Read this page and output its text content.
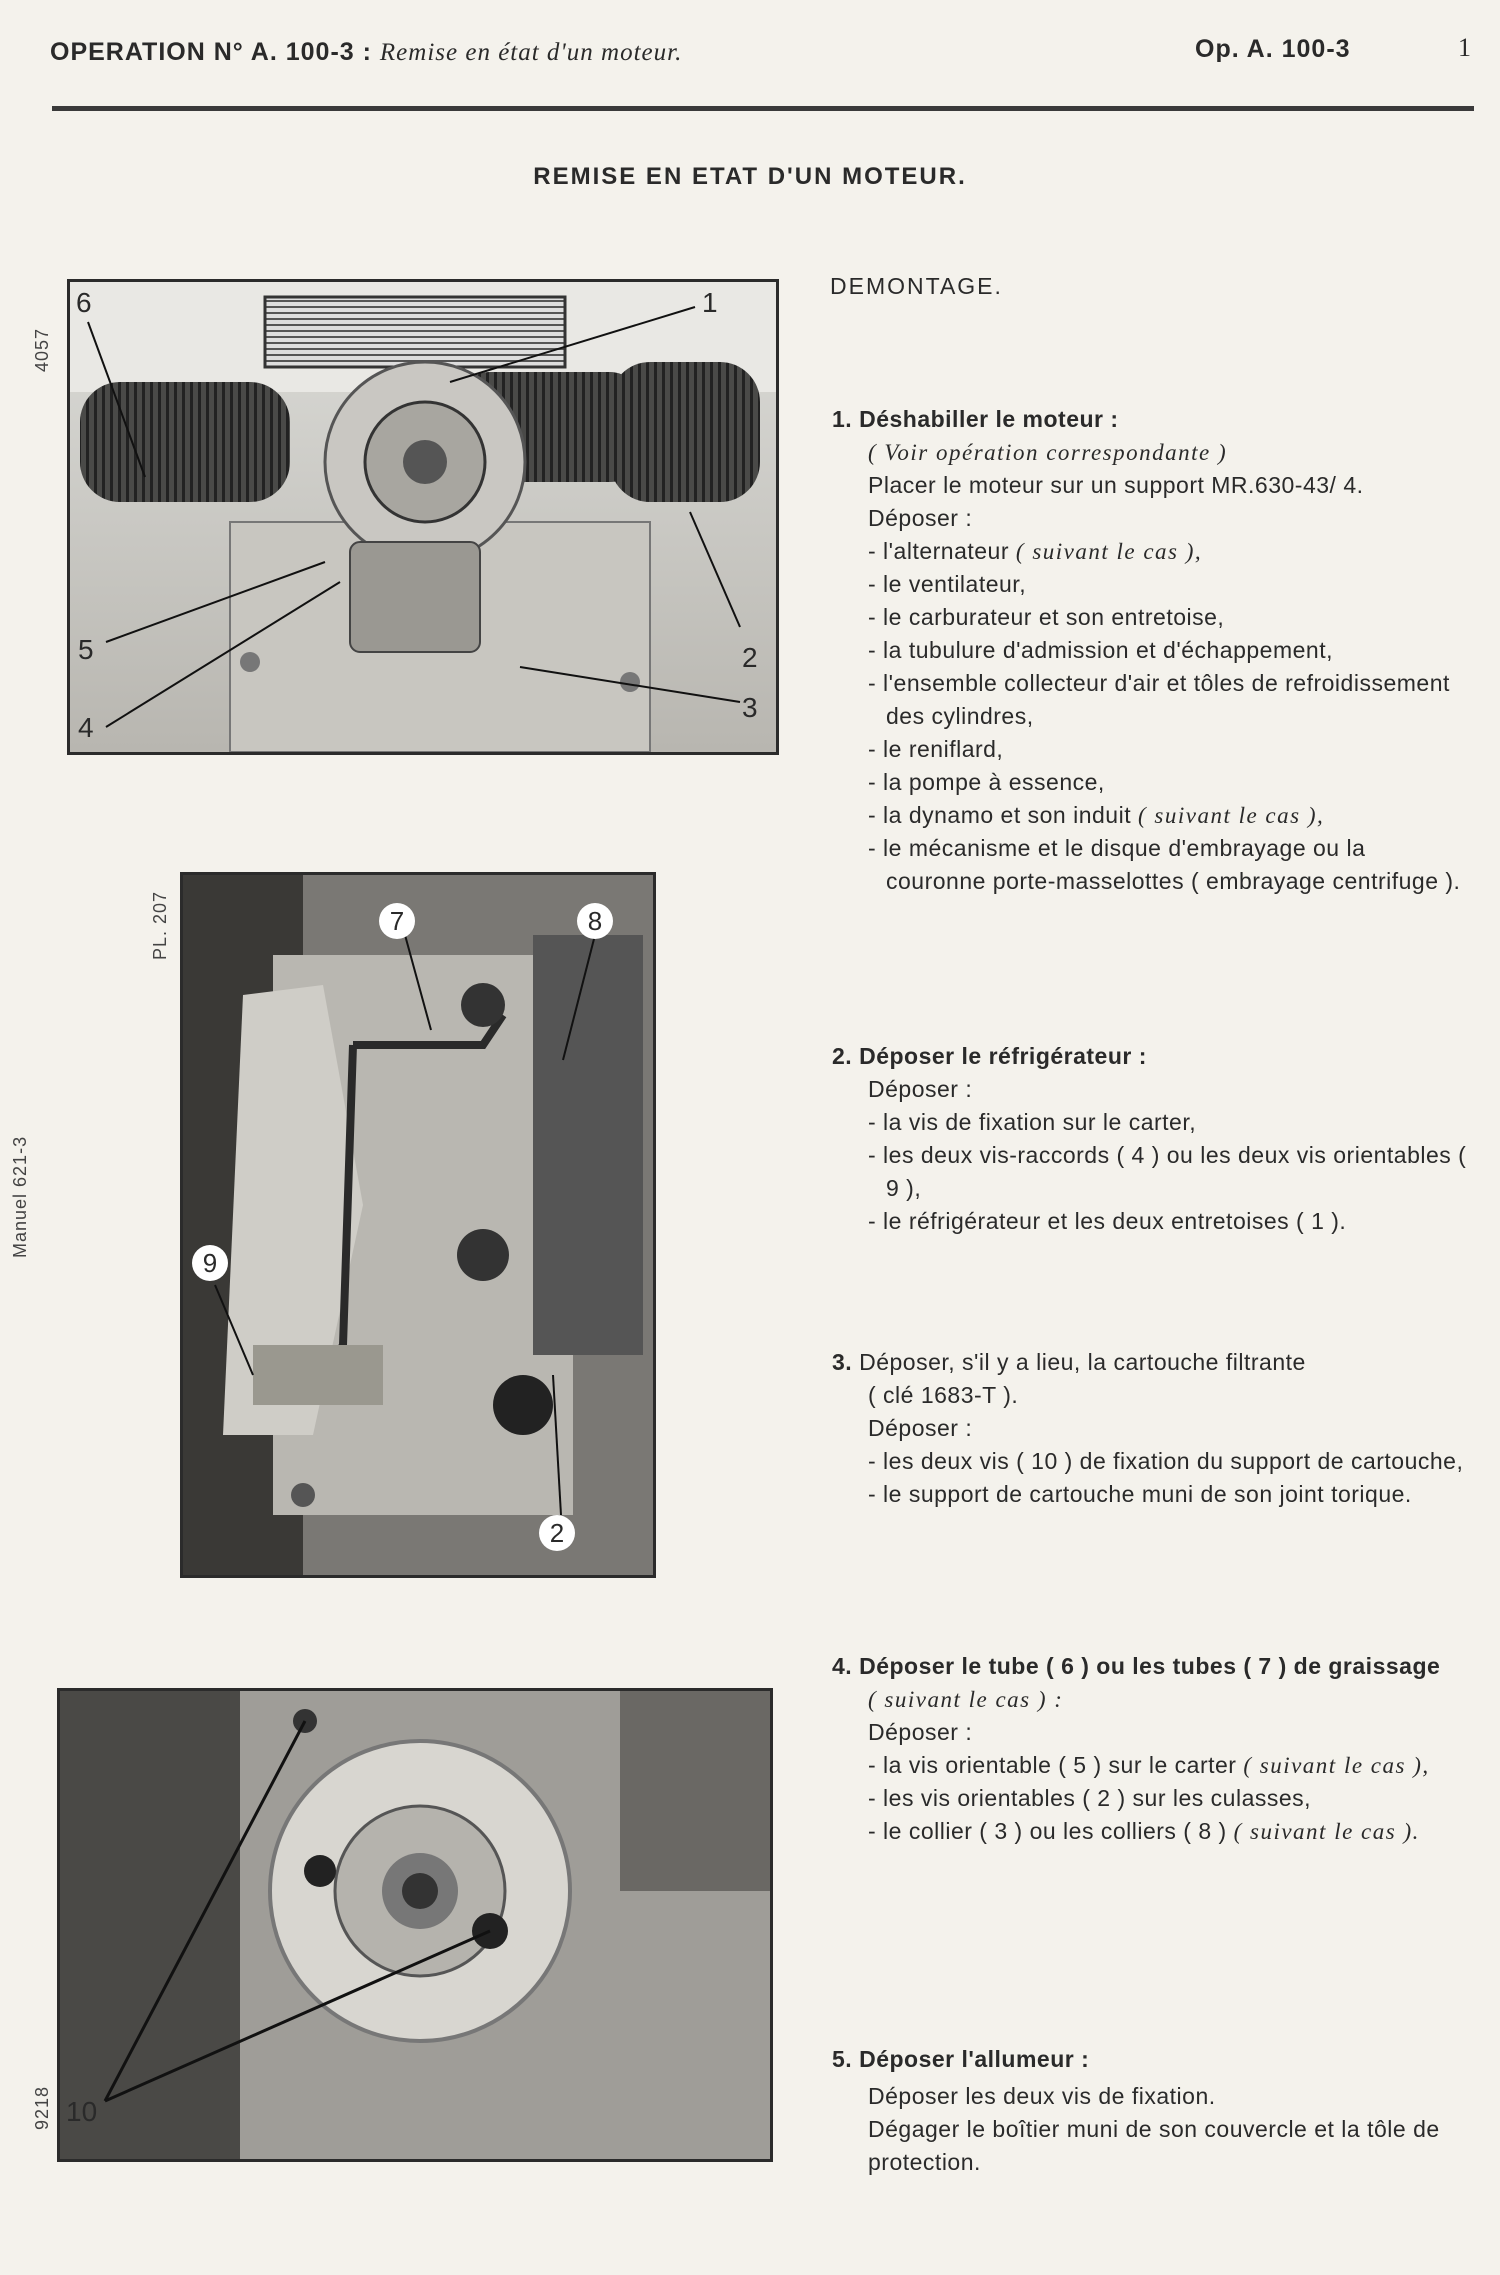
OPERATION N° A. 100-3 : Remise en état d'un moteur.	Op. A. 100-3	1
REMISE EN ETAT D'UN MOTEUR.
4057
PL. 207
Manuel 621-3
9218
6	1
5	2
3
4
7	8
9
2
10
DEMONTAGE.
1. Déshabiller le moteur :
( Voir opération correspondante )
Placer le moteur sur un support MR.630-43/ 4.
Déposer :
- l'alternateur ( suivant le cas ),
- le ventilateur,
- le carburateur et son entretoise,
- la tubulure d'admission et d'échappement,
- l'ensemble collecteur d'air et tôles de refroidissement des cylindres,
- le reniflard,
- la pompe à essence,
- la dynamo et son induit ( suivant le cas ),
- le mécanisme et le disque d'embrayage ou la couronne porte-masselottes ( embrayage centrifuge ).
2. Déposer le réfrigérateur :
Déposer :
- la vis de fixation sur le carter,
- les deux vis-raccords ( 4 ) ou les deux vis orientables ( 9 ),
- le réfrigérateur et les deux entretoises ( 1 ).
3. Déposer, s'il y a lieu, la cartouche filtrante
( clé 1683-T ).
Déposer :
- les deux vis ( 10 ) de fixation du support de cartouche,
- le support de cartouche muni de son joint torique.
4. Déposer le tube ( 6 ) ou les tubes ( 7 ) de graissage
( suivant le cas ) :
Déposer :
- la vis orientable ( 5 ) sur le carter ( suivant le cas ),
- les vis orientables ( 2 ) sur les culasses,
- le collier ( 3 ) ou les colliers ( 8 ) ( suivant le cas ).
5. Déposer l'allumeur :
Déposer les deux vis de fixation.
Dégager le boîtier muni de son couvercle et la tôle de protection.
